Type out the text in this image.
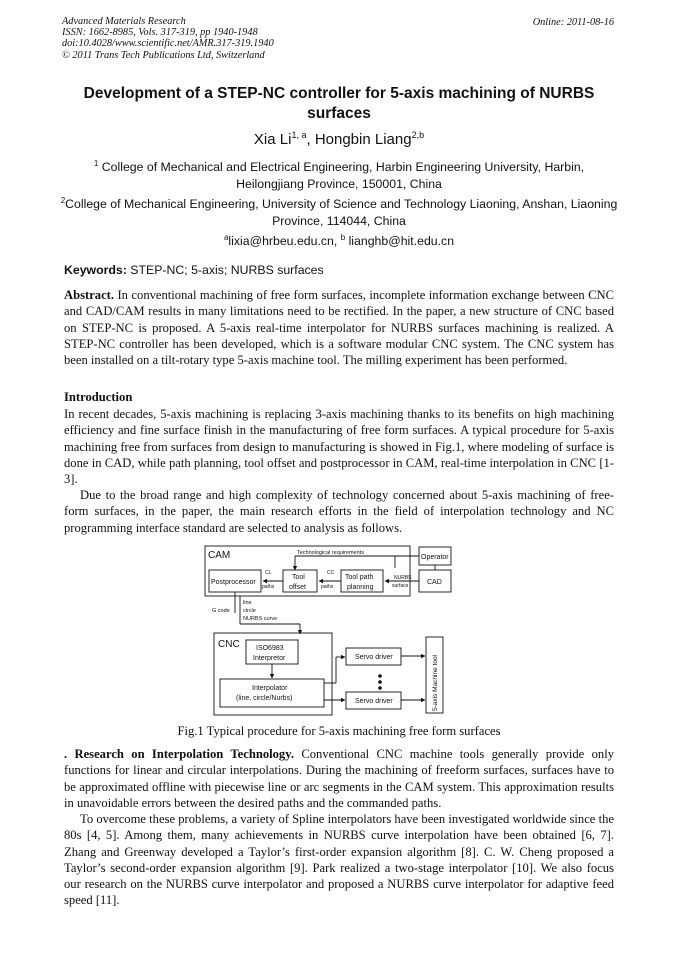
Advanced Materials Research
ISSN: 1662-8985, Vols. 317-319, pp 1940-1948
doi:10.4028/www.scientific.net/AMR.317-319.1940
© 2011 Trans Tech Publications Ltd, Switzerland
Online: 2011-08-16
Development of a STEP-NC controller for 5-axis machining of NURBS surfaces
Xia Li$^{1, a}$, Hongbin Liang$^{2,b}$
$^1$ College of Mechanical and Electrical Engineering, Harbin Engineering University, Harbin, Heilongjiang Province, 150001, China
$^2$College of Mechanical Engineering, University of Science and Technology Liaoning, Anshan, Liaoning Province, 114044, China
$^a$lixia@hrbeu.edu.cn, $^b$ lianghb@hit.edu.cn
Keywords: STEP-NC; 5-axis; NURBS surfaces
Abstract. In conventional machining of free form surfaces, incomplete information exchange between CNC and CAD/CAM results in many limitations need to be rectified. In the paper, a new structure of CNC based on STEP-NC is proposed. A 5-axis real-time interpolator for NURBS surfaces machining is realized. A STEP-NC controller has been developed, which is a software modular CNC system. The CNC system has been installed on a tilt-rotary type 5-axis machine tool. The milling experiment has been performed.
Introduction
In recent decades, 5-axis machining is replacing 3-axis machining thanks to its benefits on high machining efficiency and fine surface finish in the manufacturing of free form surfaces. A typical procedure for 5-axis machining free from surfaces from design to manufacturing is showed in Fig.1, where modeling of surface is done in CAD, while path planning, tool offset and postprocessor in CAM, real-time interpolation in CNC [1-3].
Due to the broad range and high complexity of technology concerned about 5-axis machining of free-form surfaces, in the paper, the main research efforts in the field of interpolation technology and NC programming interface standard are selected to analysis as follows.
CAM	Technological requirements
Operator
Postprocessor
CL
paths
Tool
offset
CC
paths
Tool path
planning
NURBS
surface	CAD
G code
line
circle
NURBS curve
CNC ISO6983
Interpretor
Interpolator
(line, circle/Nurbs)
Servo driver
Servo driver	5-axis Machine tool
Fig.1 Typical procedure for 5-axis machining free form surfaces
. Research on Interpolation Technology. Conventional CNC machine tools generally provide only functions for linear and circular interpolations. During the machining of freeform surfaces, surfaces have to be approximated offline with piecewise line or arc segments in the CAM system. This approximation results in unavoidable errors between the desired paths and the commanded paths.
To overcome these problems, a variety of Spline interpolators have been investigated worldwide since the 80s [4, 5]. Among them, many achievements in NURBS curve interpolation have been obtained [6, 7]. Zhang and Greenway developed a Taylor’s first-order expansion algorithm [8]. C. W. Cheng proposed a Taylor’s second-order expansion algorithm [9]. Park realized a two-stage interpolator [10]. We also focus our research on the NURBS curve interpolator and proposed a NURBS curve interpolator for adaptive feed speed [11].
